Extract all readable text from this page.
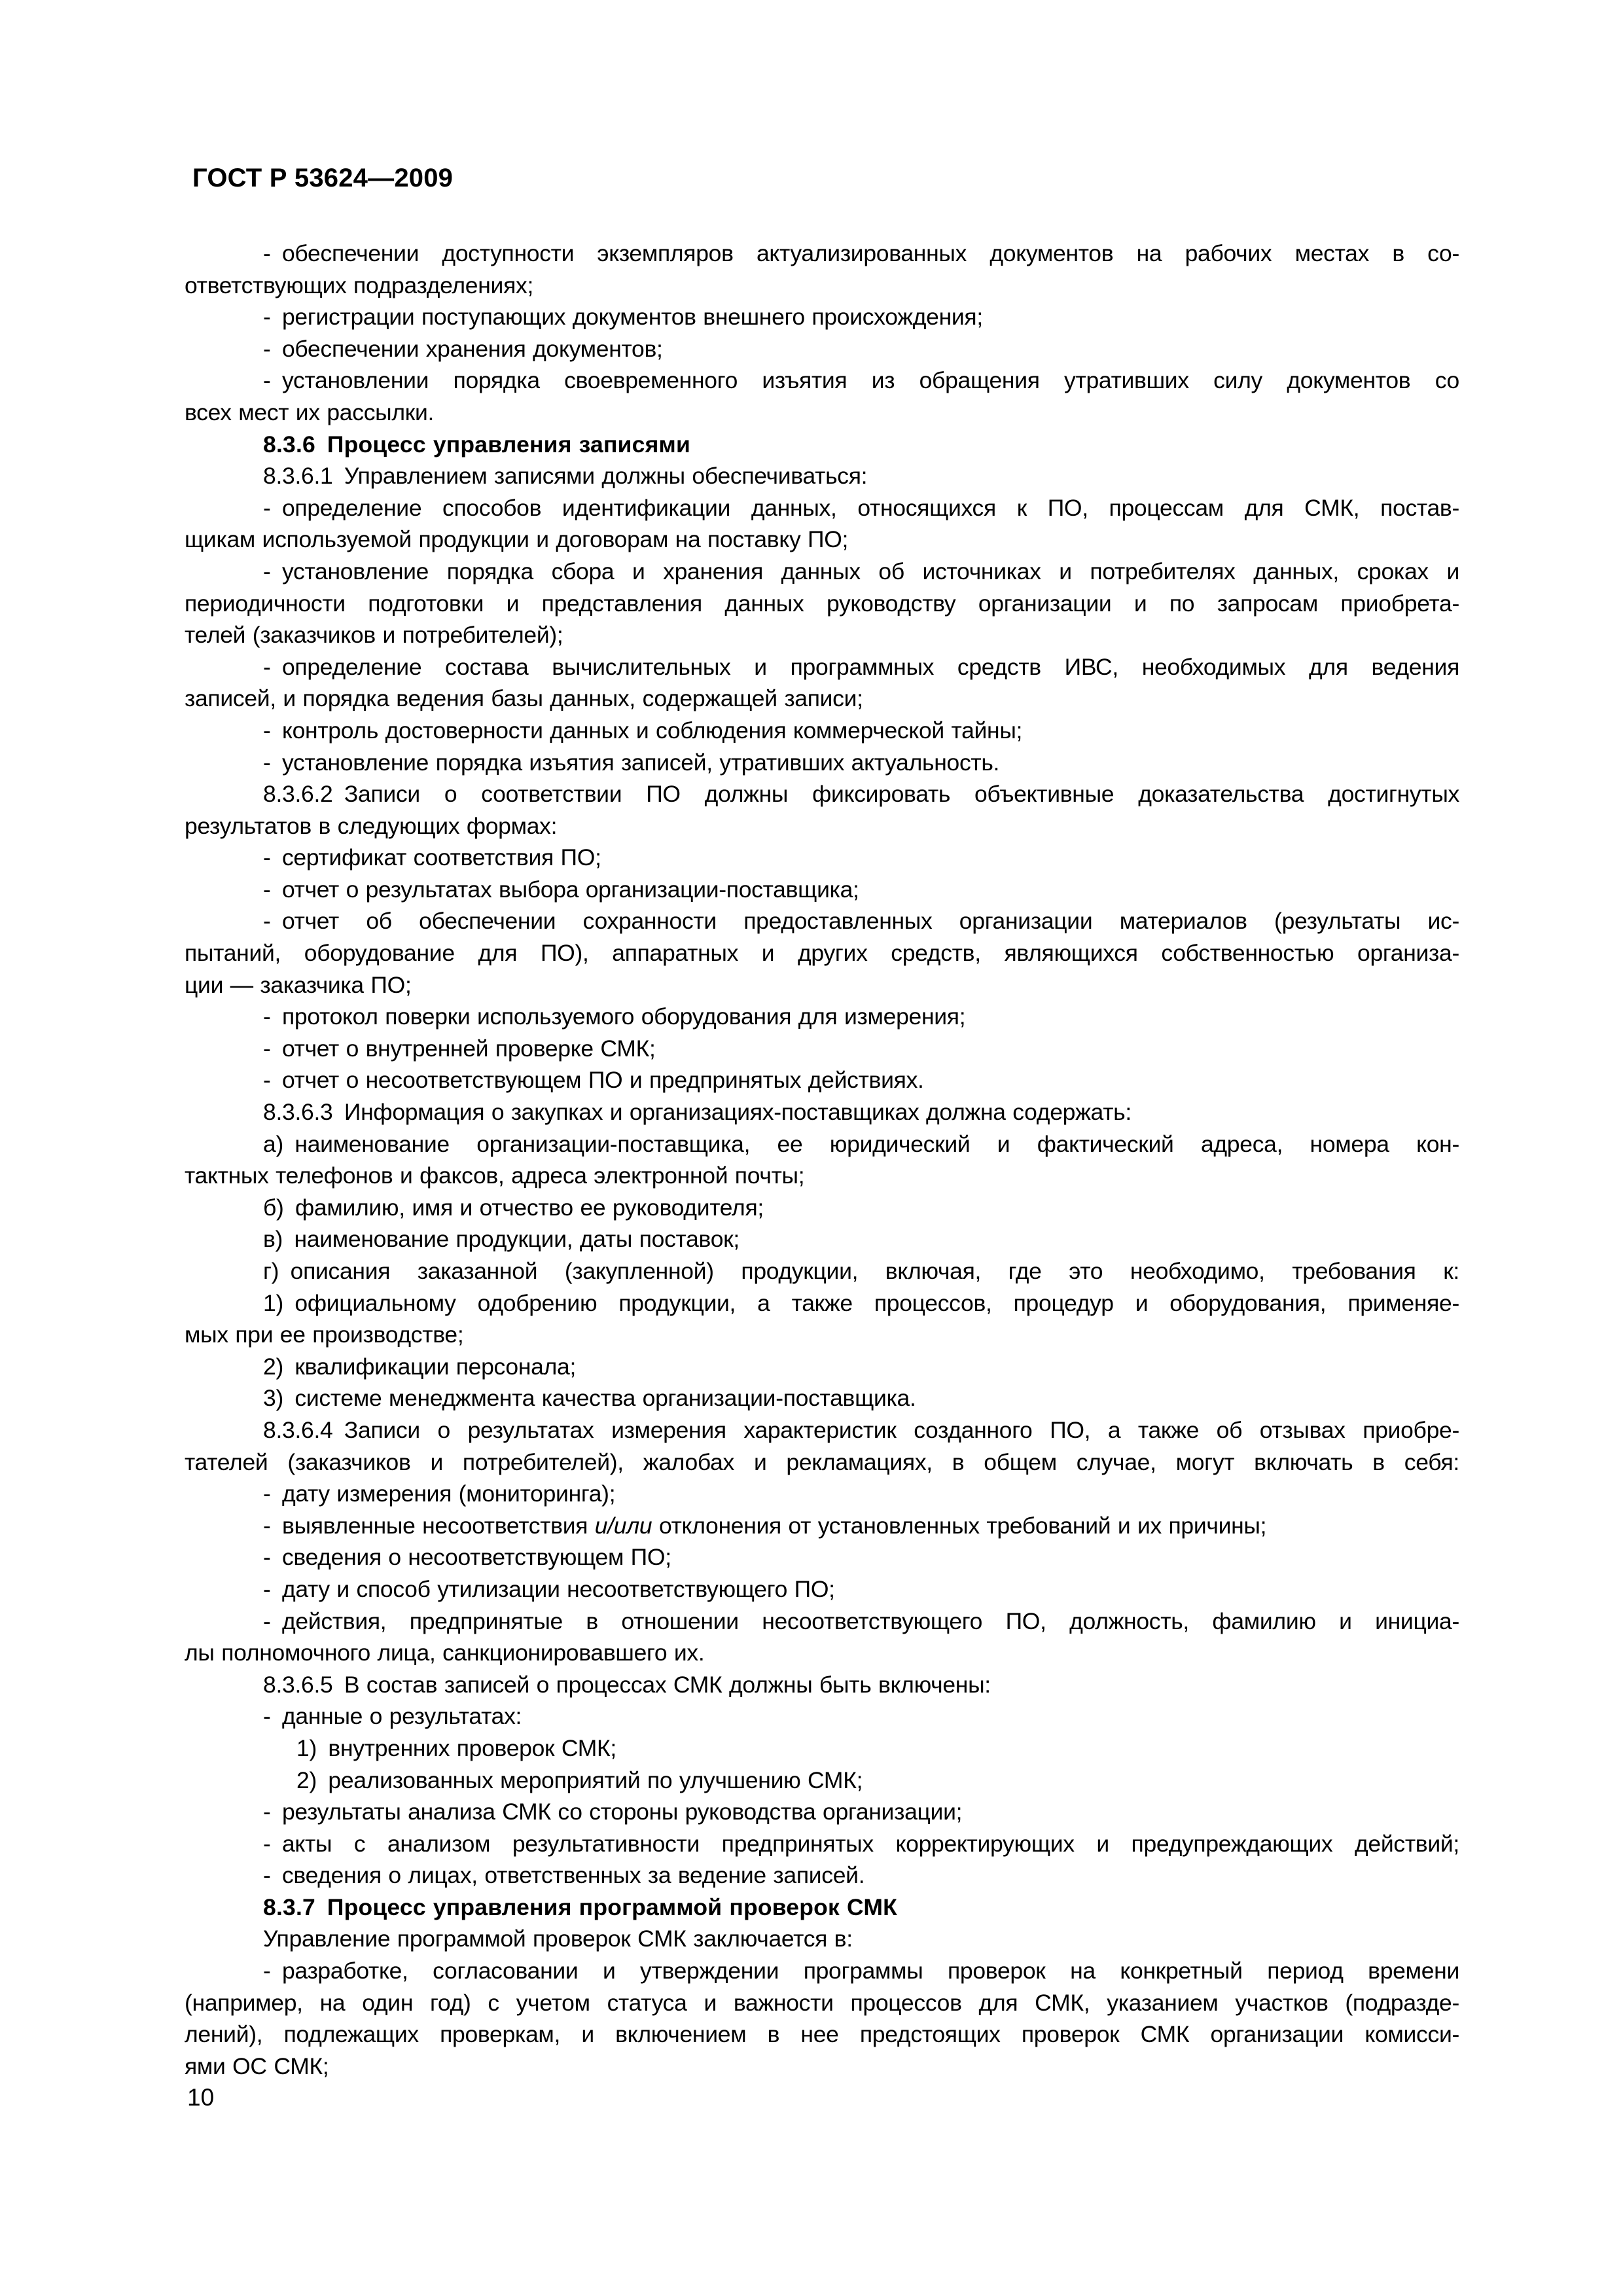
ГОСТ Р 53624—2009
- обеспечении доступности экземпляров актуализированных документов на рабочих местах в со-
ответствующих подразделениях;
- регистрации поступающих документов внешнего происхождения;
- обеспечении хранения документов;
- установлении порядка своевременного изъятия из обращения утративших силу документов со
всех мест их рассылки.
8.3.6 Процесс управления записями
8.3.6.1 Управлением записями должны обеспечиваться:
- определение способов идентификации данных, относящихся к ПО, процессам для СМК, постав-
щикам используемой продукции и договорам на поставку ПО;
- установление порядка сбора и хранения данных об источниках и потребителях данных, сроках и
периодичности подготовки и представления данных руководству организации и по запросам приобрета-
телей (заказчиков и потребителей);
- определение состава вычислительных и программных средств ИВС, необходимых для ведения
записей, и порядка ведения базы данных, содержащей записи;
- контроль достоверности данных и соблюдения коммерческой тайны;
- установление порядка изъятия записей, утративших актуальность.
8.3.6.2 Записи о соответствии ПО должны фиксировать объективные доказательства достигнутых
результатов в следующих формах:
- сертификат соответствия ПО;
- отчет о результатах выбора организации-поставщика;
- отчет об обеспечении сохранности предоставленных организации материалов (результаты ис-
пытаний, оборудование для ПО), аппаратных и других средств, являющихся собственностью организа-
ции — заказчика ПО;
- протокол поверки используемого оборудования для измерения;
- отчет о внутренней проверке СМК;
- отчет о несоответствующем ПО и предпринятых действиях.
8.3.6.3 Информация о закупках и организациях-поставщиках должна содержать:
а) наименование организации-поставщика, ее юридический и фактический адреса, номера кон-
тактных телефонов и факсов, адреса электронной почты;
б) фамилию, имя и отчество ее руководителя;
в) наименование продукции, даты поставок;
г) описания заказанной (закупленной) продукции, включая, где это необходимо, требования к:
1) официальному одобрению продукции, а также процессов, процедур и оборудования, применяе-
мых при ее производстве;
2) квалификации персонала;
3) системе менеджмента качества организации-поставщика.
8.3.6.4 Записи о результатах измерения характеристик созданного ПО, а также об отзывах приобре-
тателей (заказчиков и потребителей), жалобах и рекламациях, в общем случае, могут включать в себя:
- дату измерения (мониторинга);
- выявленные несоответствия и/или отклонения от установленных требований и их причины;
- сведения о несоответствующем ПО;
- дату и способ утилизации несоответствующего ПО;
- действия, предпринятые в отношении несоответствующего ПО, должность, фамилию и инициа-
лы полномочного лица, санкционировавшего их.
8.3.6.5 В состав записей о процессах СМК должны быть включены:
- данные о результатах:
1) внутренних проверок СМК;
2) реализованных мероприятий по улучшению СМК;
- результаты анализа СМК со стороны руководства организации;
- акты с анализом результативности предпринятых корректирующих и предупреждающих действий;
- сведения о лицах, ответственных за ведение записей.
8.3.7 Процесс управления программой проверок СМК
Управление программой проверок СМК заключается в:
- разработке, согласовании и утверждении программы проверок на конкретный период времени
(например, на один год) с учетом статуса и важности процессов для СМК, указанием участков (подразде-
лений), подлежащих проверкам, и включением в нее предстоящих проверок СМК организации комисси-
ями ОС СМК;
10
